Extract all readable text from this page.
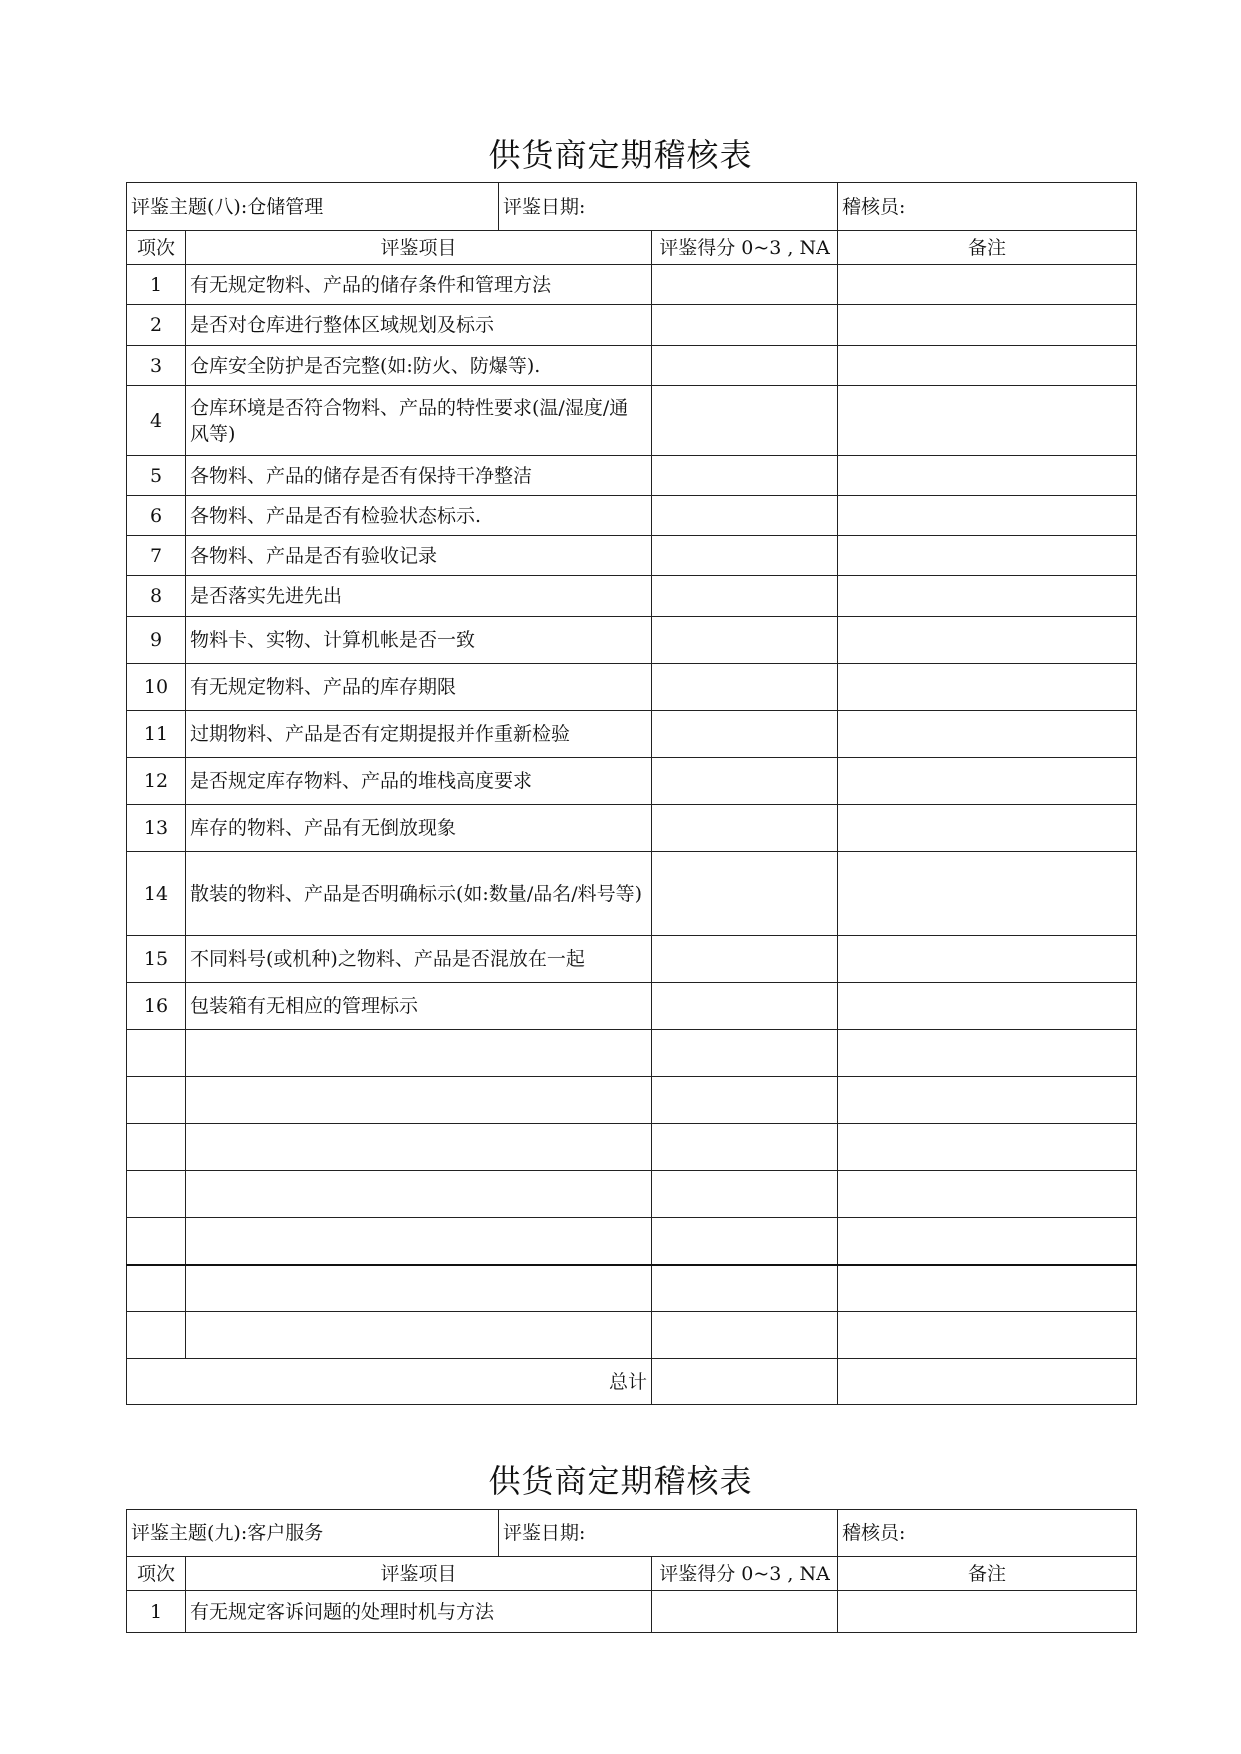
供货商定期稽核表
评鉴主题(八):仓储管理		评鉴日期:		稽核员:
项次	评鉴项目		评鉴得分 0~3 , NA	备注
1	有无规定物料、产品的储存条件和管理方法			
2	是否对仓库进行整体区域规划及标示			
3	仓库安全防护是否完整(如:防火、防爆等).			
4	仓库环境是否符合物料、产品的特性要求(温/湿度/通风等)			
5	各物料、产品的储存是否有保持干净整洁			
6	各物料、产品是否有检验状态标示.			
7	各物料、产品是否有验收记录			
8	是否落实先进先出			
9	物料卡、实物、计算机帐是否一致			
10	有无规定物料、产品的库存期限			
11	过期物料、产品是否有定期提报并作重新检验			
12	是否规定库存物料、产品的堆栈高度要求			
13	库存的物料、产品有无倒放现象			
14	散装的物料、产品是否明确标示(如:数量/品名/料号等)			
15	不同料号(或机种)之物料、产品是否混放在一起			
16	包装箱有无相应的管理标示			

总计				
供货商定期稽核表
评鉴主题(九):客户服务		评鉴日期:		稽核员:
项次	评鉴项目		评鉴得分 0~3 , NA	备注
1	有无规定客诉问题的处理时机与方法			
